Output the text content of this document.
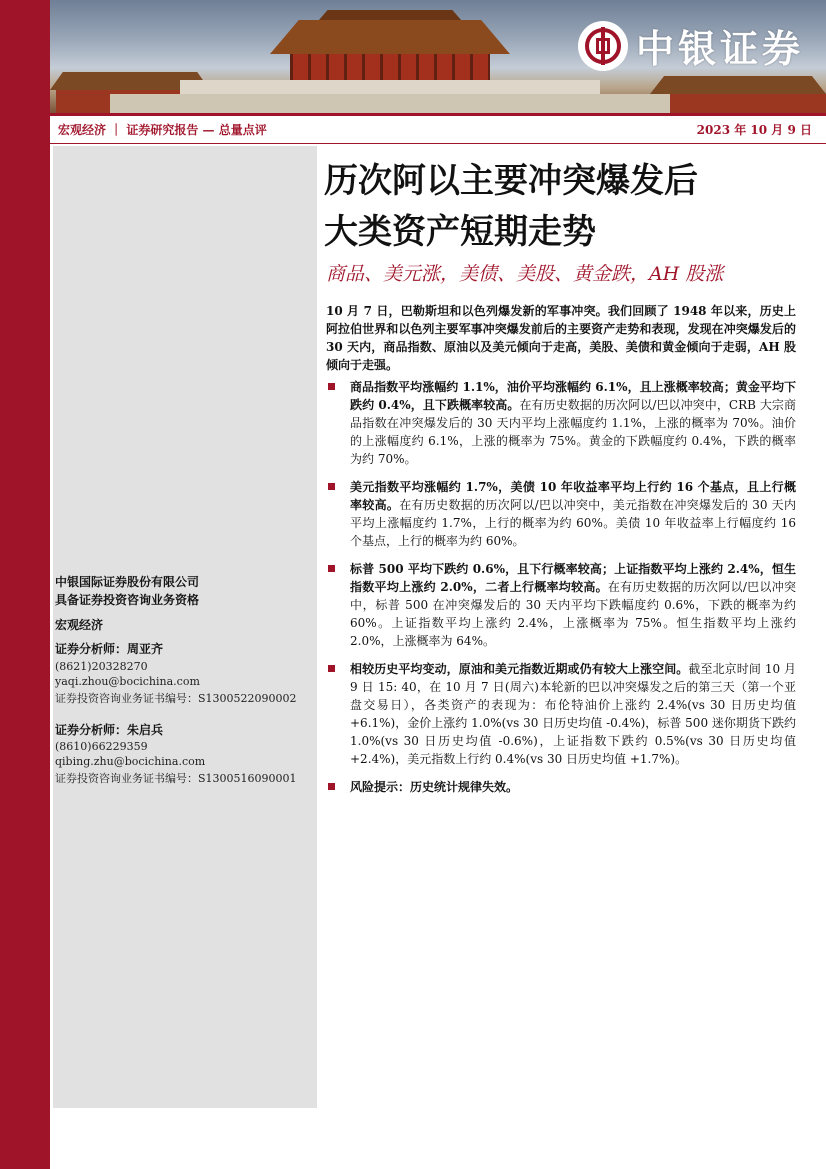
中银证券
宏观经济 ｜ 证券研究报告 — 总量点评	2023 年 10 月 9 日
中银国际证券股份有限公司
具备证券投资咨询业务资格
宏观经济
证券分析师：周亚齐
(8621)20328270
yaqi.zhou@bocichina.com
证券投资咨询业务证书编号：S1300522090002
证券分析师：朱启兵
(8610)66229359
qibing.zhu@bocichina.com
证券投资咨询业务证书编号：S1300516090001
历次阿以主要冲突爆发后
大类资产短期走势
商品、美元涨，美债、美股、黄金跌，AH 股涨
10 月 7 日，巴勒斯坦和以色列爆发新的军事冲突。我们回顾了 1948 年以来，历史上阿拉伯世界和以色列主要军事冲突爆发前后的主要资产走势和表现，发现在冲突爆发后的 30 天内，商品指数、原油以及美元倾向于走高，美股、美债和黄金倾向于走弱，AH 股倾向于走强。
商品指数平均涨幅约 1.1%，油价平均涨幅约 6.1%，且上涨概率较高；黄金平均下跌约 0.4%，且下跌概率较高。在有历史数据的历次阿以/巴以冲突中，CRB 大宗商品指数在冲突爆发后的 30 天内平均上涨幅度约 1.1%，上涨的概率为 70%。油价的上涨幅度约 6.1%，上涨的概率为 75%。黄金的下跌幅度约 0.4%，下跌的概率为约 70%。
美元指数平均涨幅约 1.7%，美债 10 年收益率平均上行约 16 个基点，且上行概率较高。在有历史数据的历次阿以/巴以冲突中，美元指数在冲突爆发后的 30 天内平均上涨幅度约 1.7%，上行的概率为约 60%。美债 10 年收益率上行幅度约 16 个基点，上行的概率为约 60%。
标普 500 平均下跌约 0.6%，且下行概率较高；上证指数平均上涨约 2.4%，恒生指数平均上涨约 2.0%，二者上行概率均较高。在有历史数据的历次阿以/巴以冲突中，标普 500 在冲突爆发后的 30 天内平均下跌幅度约 0.6%，下跌的概率为约 60%。上证指数平均上涨约 2.4%，上涨概率为 75%。恒生指数平均上涨约 2.0%，上涨概率为 64%。
相较历史平均变动，原油和美元指数近期或仍有较大上涨空间。截至北京时间 10 月 9 日 15: 40，在 10 月 7 日(周六)本轮新的巴以冲突爆发之后的第三天（第一个亚盘交易日），各类资产的表现为：布伦特油价上涨约 2.4%(vs 30 日历史均值 +6.1%)，金价上涨约 1.0%(vs 30 日历史均值 -0.4%)，标普 500 迷你期货下跌约 1.0%(vs 30 日历史均值 -0.6%)，上证指数下跌约 0.5%(vs 30 日历史均值 +2.4%)，美元指数上行约 0.4%(vs 30 日历史均值 +1.7%)。
风险提示：历史统计规律失效。
